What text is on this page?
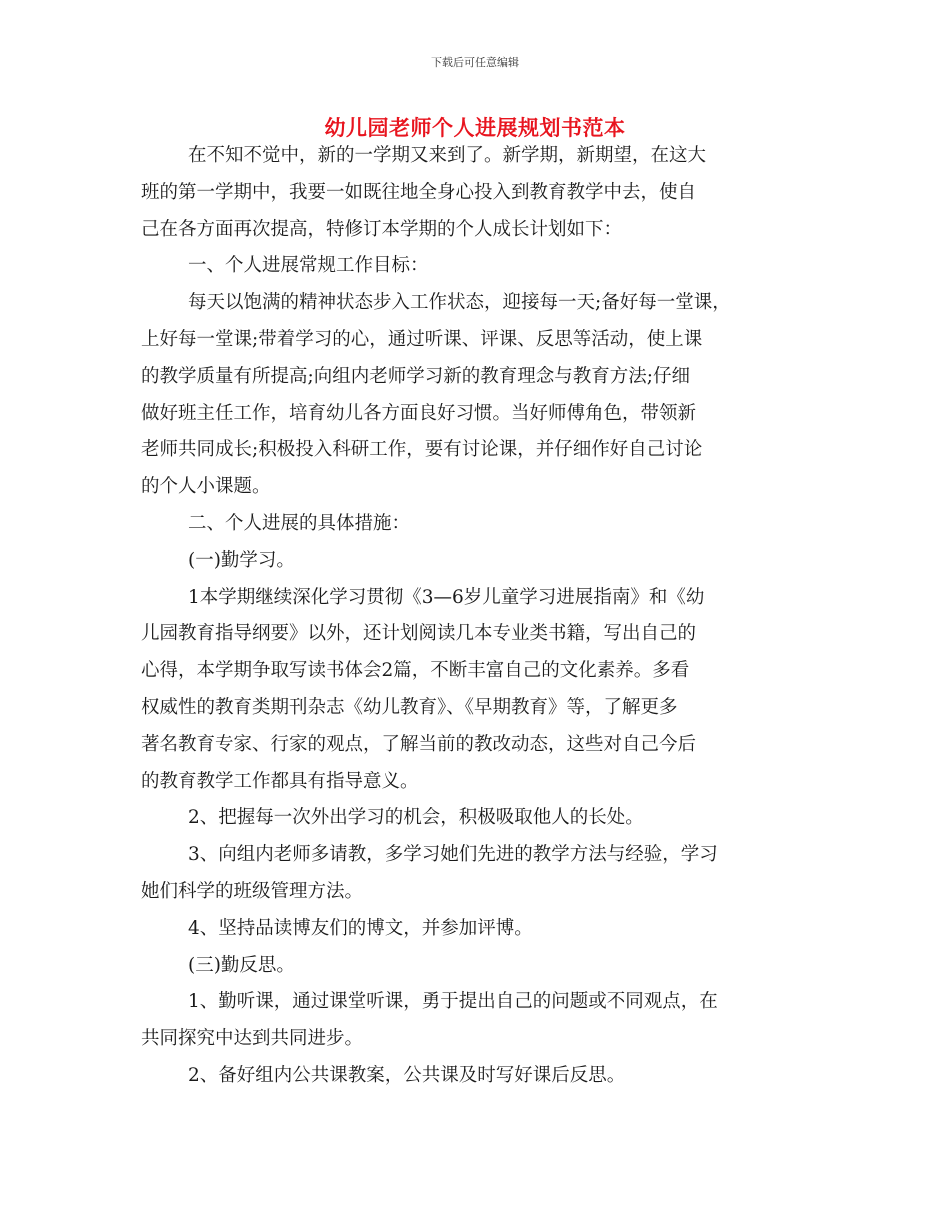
下载后可任意编辑
幼儿园老师个人进展规划书范本
在不知不觉中，新的一学期又来到了。新学期，新期望，在这大
班的第一学期中，我要一如既往地全身心投入到教育教学中去，使自
己在各方面再次提高，特修订本学期的个人成长计划如下：
一、个人进展常规工作目标：
每天以饱满的精神状态步入工作状态，迎接每一天;备好每一堂课，
上好每一堂课;带着学习的心，通过听课、评课、反思等活动，使上课
的教学质量有所提高;向组内老师学习新的教育理念与教育方法;仔细
做好班主任工作，培育幼儿各方面良好习惯。当好师傅角色，带领新
老师共同成长;积极投入科研工作，要有讨论课，并仔细作好自己讨论
的个人小课题。
二、个人进展的具体措施：
(一)勤学习。
1本学期继续深化学习贯彻《3—6岁儿童学习进展指南》和《幼
儿园教育指导纲要》以外，还计划阅读几本专业类书籍，写出自己的
心得，本学期争取写读书体会2篇，不断丰富自己的文化素养。多看
权威性的教育类期刊杂志《幼儿教育》、《早期教育》等，了解更多
著名教育专家、行家的观点，了解当前的教改动态，这些对自己今后
的教育教学工作都具有指导意义。
2、把握每一次外出学习的机会，积极吸取他人的长处。
3、向组内老师多请教，多学习她们先进的教学方法与经验，学习
她们科学的班级管理方法。
4、坚持品读博友们的博文，并参加评博。
(三)勤反思。
1、勤听课，通过课堂听课，勇于提出自己的问题或不同观点，在
共同探究中达到共同进步。
2、备好组内公共课教案，公共课及时写好课后反思。
